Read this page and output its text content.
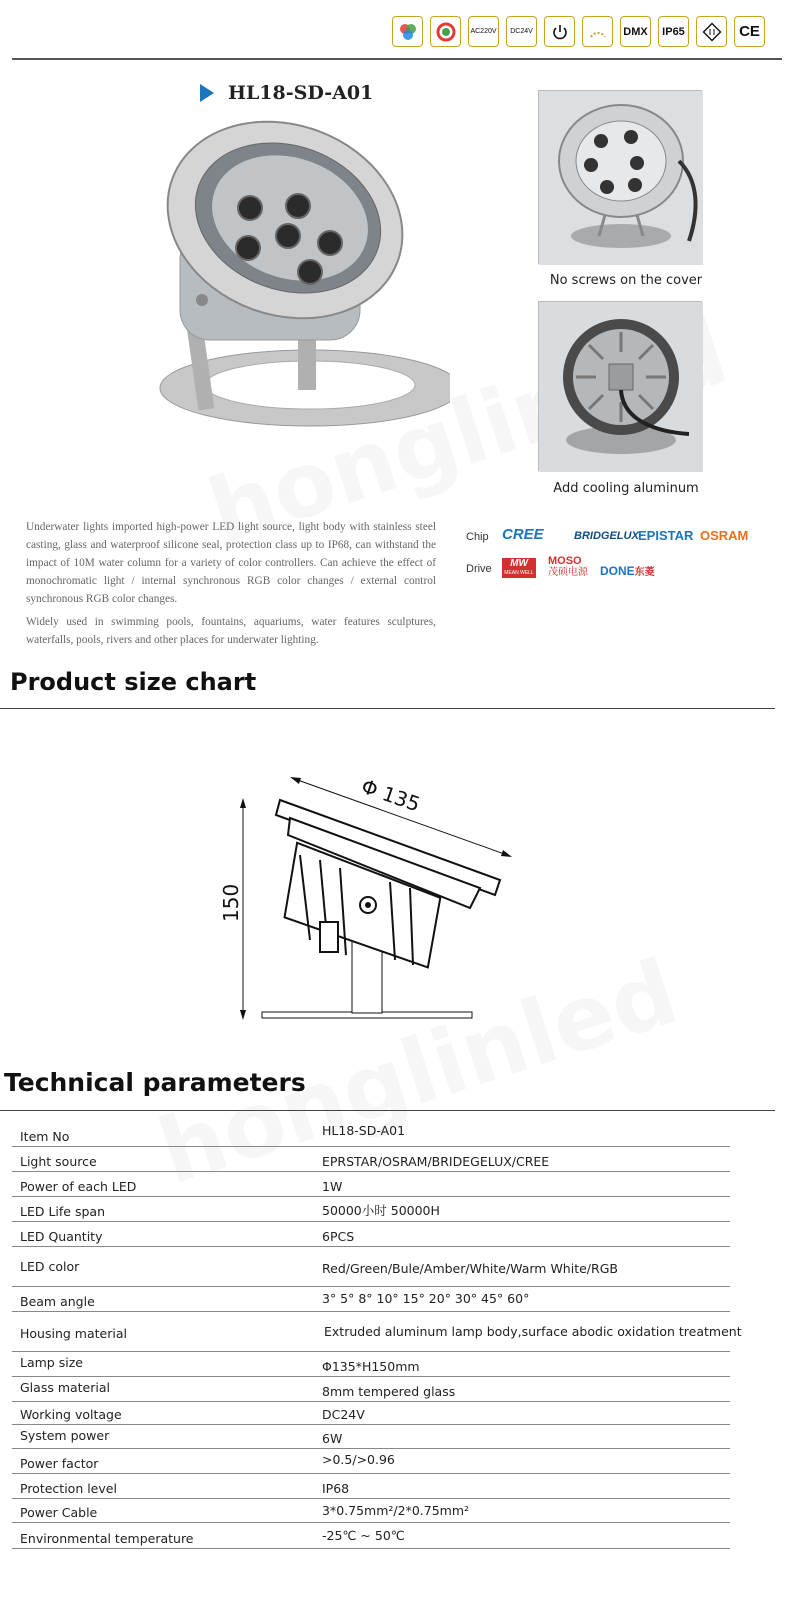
AC220V DC24V	DMX	IP65	CE
HL18-SD-A01
No screws on the cover
Add cooling aluminum

Underwater lights imported high-power LED light source, light body with stainless steel casting, glass and waterproof silicone seal, protection class up to IP68, can withstand the impact of 10M water column for a variety of color controllers. Can achieve the effect of monochromatic light / internal synchronous RGB color changes / external control synchronous RGB color changes.

Widely used in swimming pools, fountains, aquariums, water features sculptures, waterfalls, pools, rivers and other places for underwater lighting.

Chip CREE	BRIDGELUX EPISTAR OSRAM
Drive	MW
MEAN WELL
MOSO
茂硕电源 DONE东菱
Product size chart
Φ 135
150
Technical parameters
Item No	HL18-SD-A01
Light source	EPRSTAR/OSRAM/BRIDEGELUX/CREE
Power of each LED	1W
LED Life span	50000小时 50000H
LED Quantity	6PCS
LED color	Red/Green/Bule/Amber/White/Warm White/RGB
Beam angle	3° 5° 8° 10° 15° 20° 30° 45° 60°
Housing material	Extruded aluminum lamp body,surface abodic oxidation treatment
Lamp size	Φ135*H150mm
Glass material	8mm tempered glass
Working voltage	DC24V
System power	6W
Power factor	>0.5/>0.96
Protection level	IP68
Power Cable	3*0.75mm²/2*0.75mm²
Environmental temperature	-25℃ ~ 50℃
